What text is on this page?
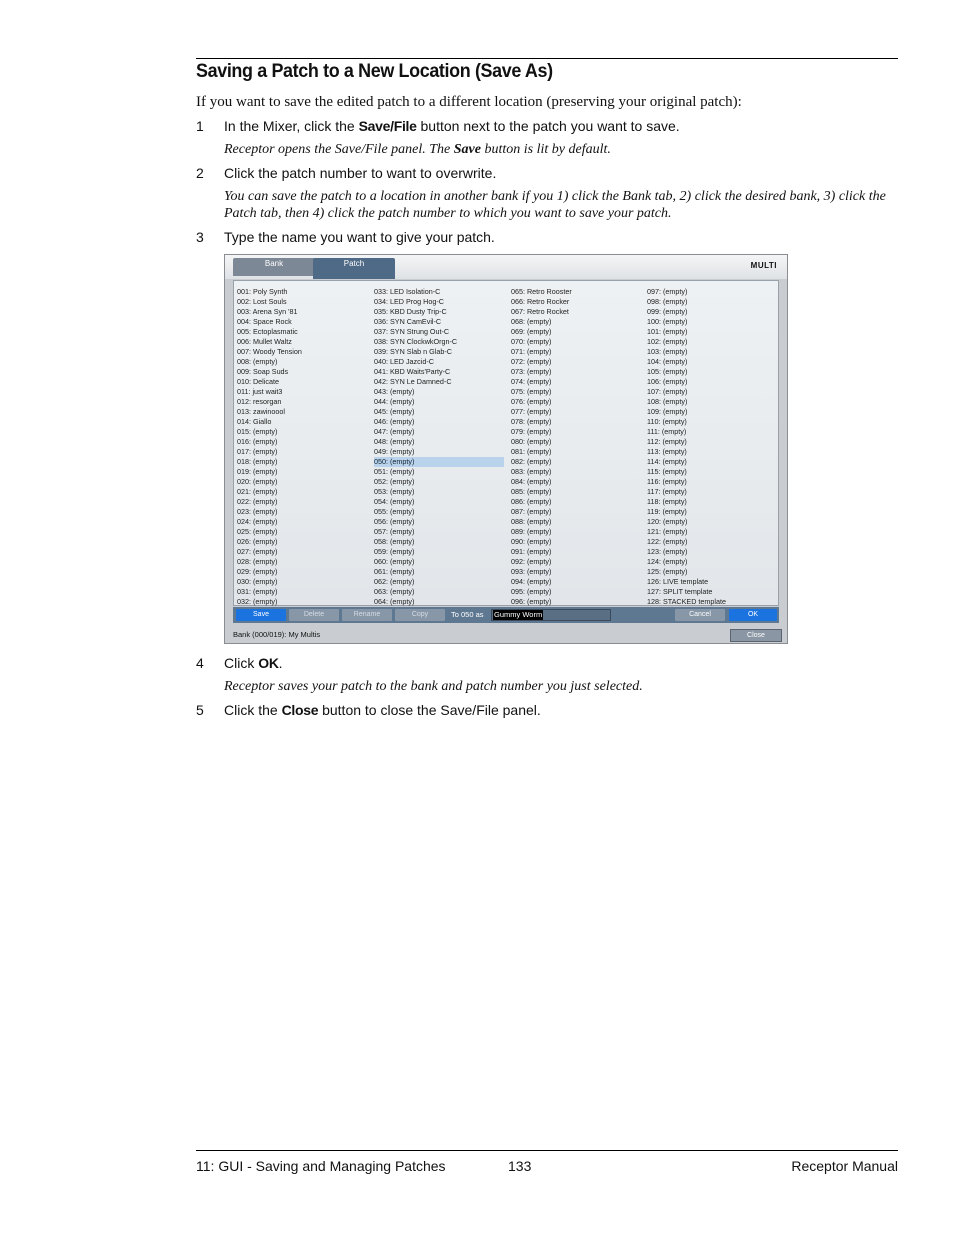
Saving a Patch to a New Location (Save As)

If you want to save the edited patch to a different location (preserving your original patch):

1	In the Mixer, click the Save/File button next to the patch you want to save.
Receptor opens the Save/File panel. The Save button is lit by default.
2	Click the patch number to want to overwrite.
You can save the patch to a location in another bank if you 1) click the Bank tab, 2) click the desired bank, 3) click the Patch tab, then 4) click the patch number to which you want to save your patch.
3	Type the name you want to give your patch.
Bank	Patch	MULTI
001: Poly Synth
002: Lost Souls
003: Arena Syn '81
004: Space Rock
005: Ectoplasmatic
006: Mullet Waltz
007: Woody Tension
008: (empty)
009: Soap Suds
010: Delicate
011: just wait3
012: resorgan
013: zawinoool
014: Giallo
015: (empty)
016: (empty)
017: (empty)
018: (empty)
019: (empty)
020: (empty)
021: (empty)
022: (empty)
023: (empty)
024: (empty)
025: (empty)
026: (empty)
027: (empty)
028: (empty)
029: (empty)
030: (empty)
031: (empty)
032: (empty)
033: LED Isolation-C
034: LED Prog Hog-C
035: KBD Dusty Trip-C
036: SYN CamEvil-C
037: SYN Strung Out-C
038: SYN ClockwkOrgn-C
039: SYN Slab n Glab-C
040: LED Jazcid-C
041: KBD Waits'Party-C
042: SYN Le Damned-C
043: (empty)
044: (empty)
045: (empty)
046: (empty)
047: (empty)
048: (empty)
049: (empty)
050: (empty)
051: (empty)
052: (empty)
053: (empty)
054: (empty)
055: (empty)
056: (empty)
057: (empty)
058: (empty)
059: (empty)
060: (empty)
061: (empty)
062: (empty)
063: (empty)
064: (empty)
065: Retro Rooster
066: Retro Rocker
067: Retro Rocket
068: (empty)
069: (empty)
070: (empty)
071: (empty)
072: (empty)
073: (empty)
074: (empty)
075: (empty)
076: (empty)
077: (empty)
078: (empty)
079: (empty)
080: (empty)
081: (empty)
082: (empty)
083: (empty)
084: (empty)
085: (empty)
086: (empty)
087: (empty)
088: (empty)
089: (empty)
090: (empty)
091: (empty)
092: (empty)
093: (empty)
094: (empty)
095: (empty)
096: (empty)
097: (empty)
098: (empty)
099: (empty)
100: (empty)
101: (empty)
102: (empty)
103: (empty)
104: (empty)
105: (empty)
106: (empty)
107: (empty)
108: (empty)
109: (empty)
110: (empty)
111: (empty)
112: (empty)
113: (empty)
114: (empty)
115: (empty)
116: (empty)
117: (empty)
118: (empty)
119: (empty)
120: (empty)
121: (empty)
122: (empty)
123: (empty)
124: (empty)
125: (empty)
126: LIVE template
127: SPLIT template
128: STACKED template
Save	Delete	Rename	Copy	To 050 as Gummy Worm	Cancel	OK
Bank (000/019): My Multis	Close
4	Click OK.
Receptor saves your patch to the bank and patch number you just selected.
5	Click the Close button to close the Save/File panel.
11: GUI - Saving and Managing Patches	133	Receptor Manual
